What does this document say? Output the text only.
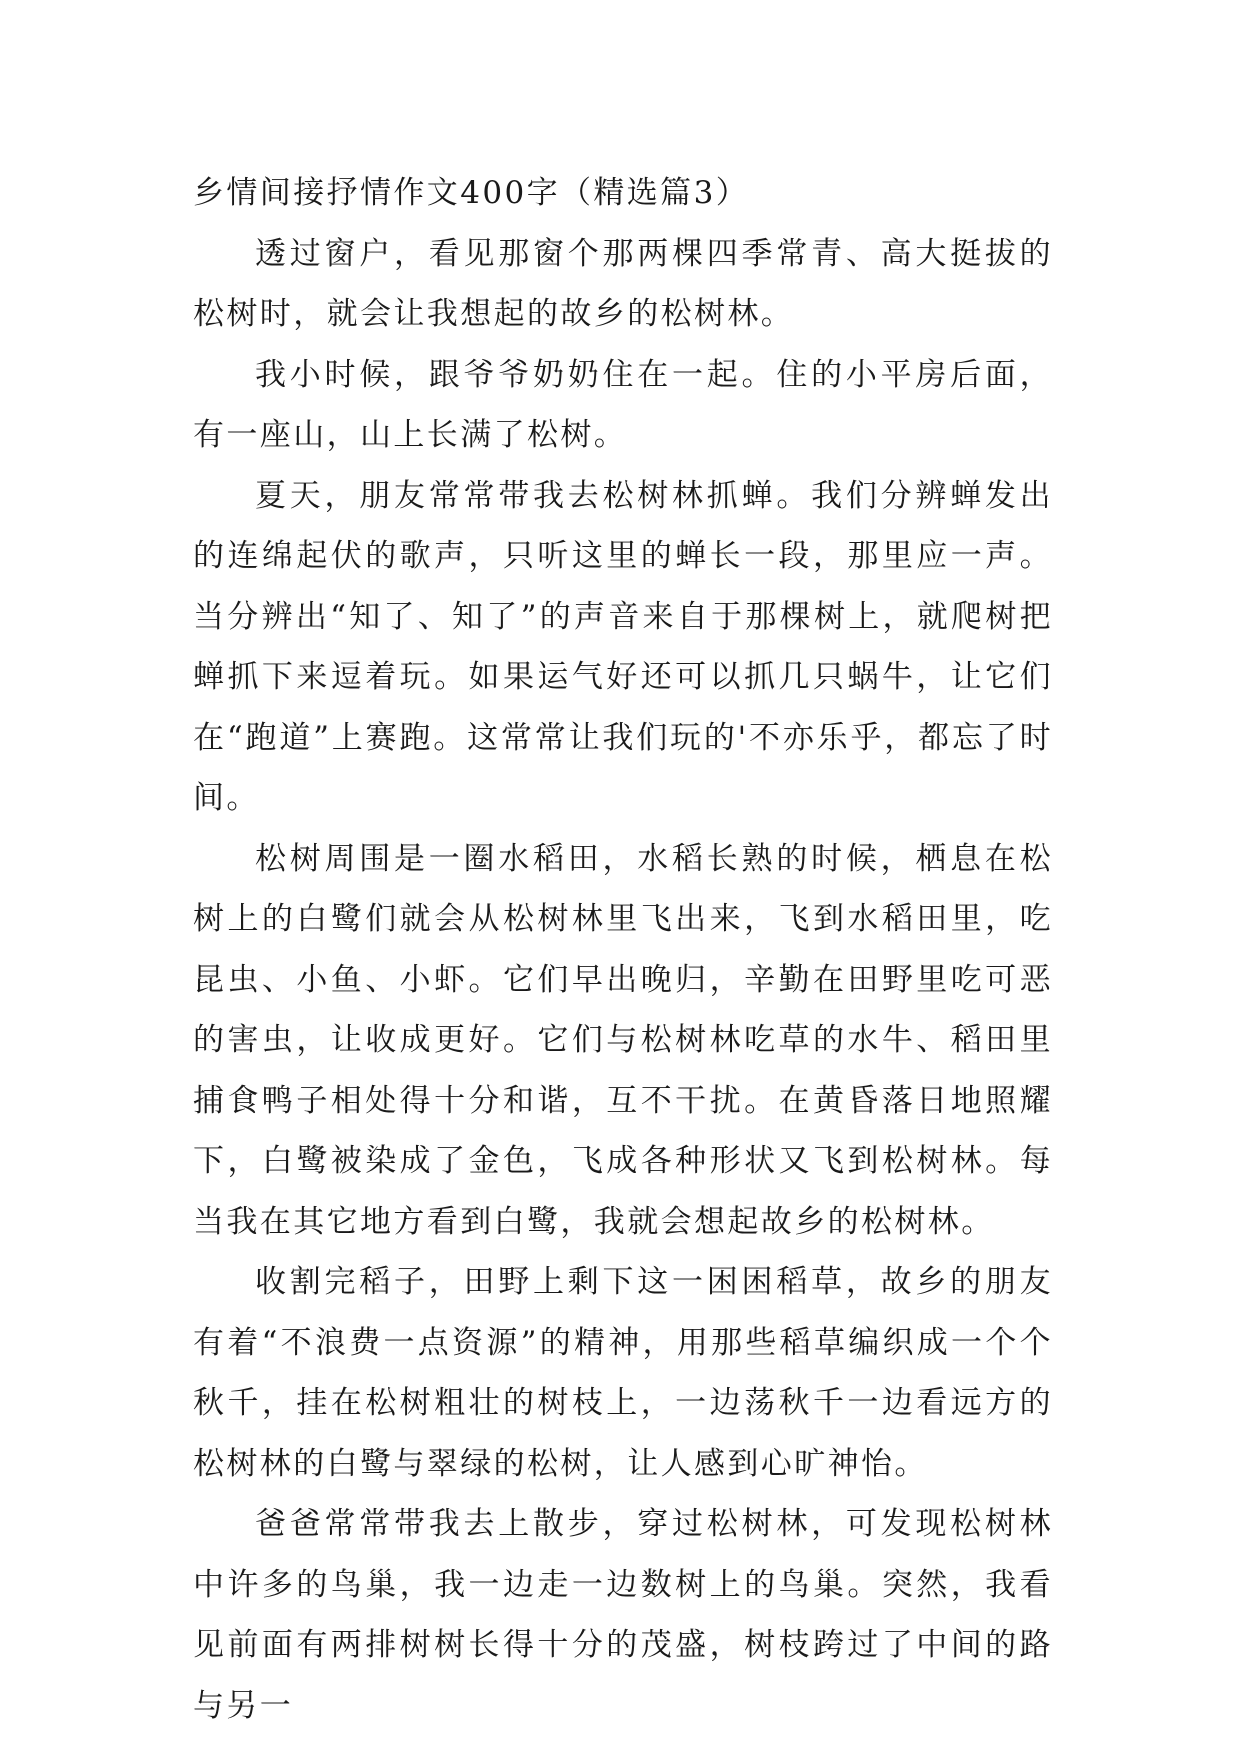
乡情间接抒情作文400字（精选篇3）

透过窗户，看见那窗个那两棵四季常青、高大挺拔的松树时，就会让我想起的故乡的松树林。

我小时候，跟爷爷奶奶住在一起。住的小平房后面，有一座山，山上长满了松树。

夏天，朋友常常带我去松树林抓蝉。我们分辨蝉发出的连绵起伏的歌声，只听这里的蝉长一段，那里应一声。当分辨出“知了、知了”的声音来自于那棵树上，就爬树把蝉抓下来逗着玩。如果运气好还可以抓几只蜗牛，让它们在“跑道”上赛跑。这常常让我们玩的'不亦乐乎，都忘了时间。

松树周围是一圈水稻田，水稻长熟的时候，栖息在松树上的白鹭们就会从松树林里飞出来，飞到水稻田里，吃昆虫、小鱼、小虾。它们早出晚归，辛勤在田野里吃可恶的害虫，让收成更好。它们与松树林吃草的水牛、稻田里捕食鸭子相处得十分和谐，互不干扰。在黄昏落日地照耀下，白鹭被染成了金色，飞成各种形状又飞到松树林。每当我在其它地方看到白鹭，我就会想起故乡的松树林。

收割完稻子，田野上剩下这一困困稻草，故乡的朋友有着“不浪费一点资源”的精神，用那些稻草编织成一个个秋千，挂在松树粗壮的树枝上，一边荡秋千一边看远方的松树林的白鹭与翠绿的松树，让人感到心旷神怡。

爸爸常常带我去上散步，穿过松树林，可发现松树林中许多的鸟巢，我一边走一边数树上的鸟巢。突然，我看见前面有两排树树长得十分的茂盛，树枝跨过了中间的路与另一
